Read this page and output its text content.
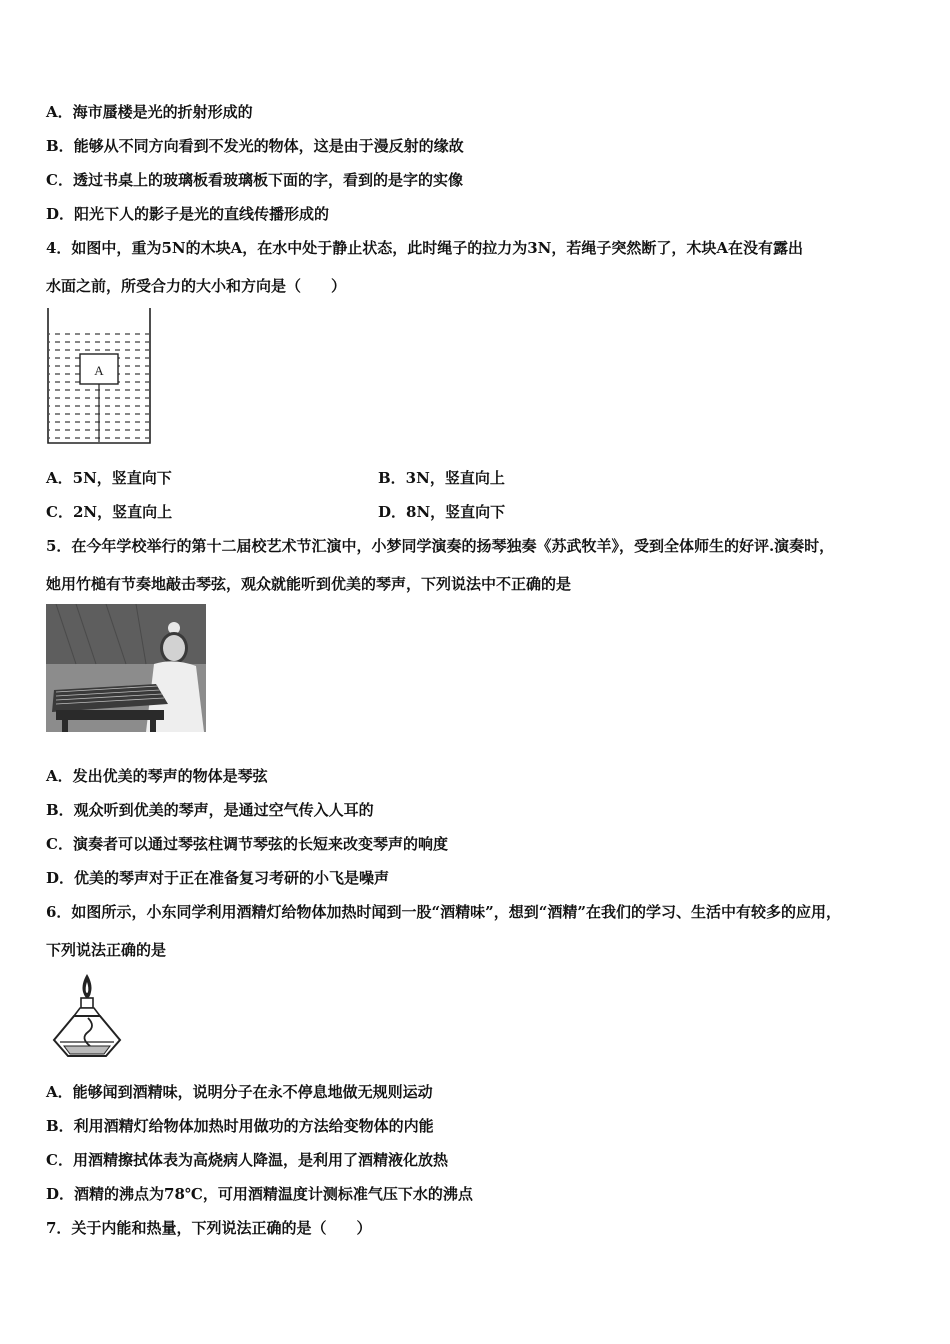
A．海市蜃楼是光的折射形成的
B．能够从不同方向看到不发光的物体，这是由于漫反射的缘故
C．透过书桌上的玻璃板看玻璃板下面的字，看到的是字的实像
D．阳光下人的影子是光的直线传播形成的
4．如图中，重为5N的木块A，在水中处于静止状态，此时绳子的拉力为3N，若绳子突然断了，木块A在没有露出
水面之前，所受合力的大小和方向是（　　）
A
A．5N，竖直向下	B．3N，竖直向上
C．2N，竖直向上	D．8N，竖直向下
5．在今年学校举行的第十二届校艺术节汇演中，小梦同学演奏的扬琴独奏《苏武牧羊》，受到全体师生的好评.演奏时，
她用竹槌有节奏地敲击琴弦，观众就能听到优美的琴声，下列说法中不正确的是
A．发出优美的琴声的物体是琴弦
B．观众听到优美的琴声，是通过空气传入人耳的
C．演奏者可以通过琴弦柱调节琴弦的长短来改变琴声的响度
D．优美的琴声对于正在准备复习考研的小飞是噪声
6．如图所示，小东同学利用酒精灯给物体加热时闻到一股“酒精味”，想到“酒精”在我们的学习、生活中有较多的应用，
下列说法正确的是
A．能够闻到酒精味，说明分子在永不停息地做无规则运动
B．利用酒精灯给物体加热时用做功的方法给变物体的内能
C．用酒精擦拭体表为高烧病人降温，是利用了酒精液化放热
D．酒精的沸点为78℃，可用酒精温度计测标准气压下水的沸点
7．关于内能和热量，下列说法正确的是（　　）
